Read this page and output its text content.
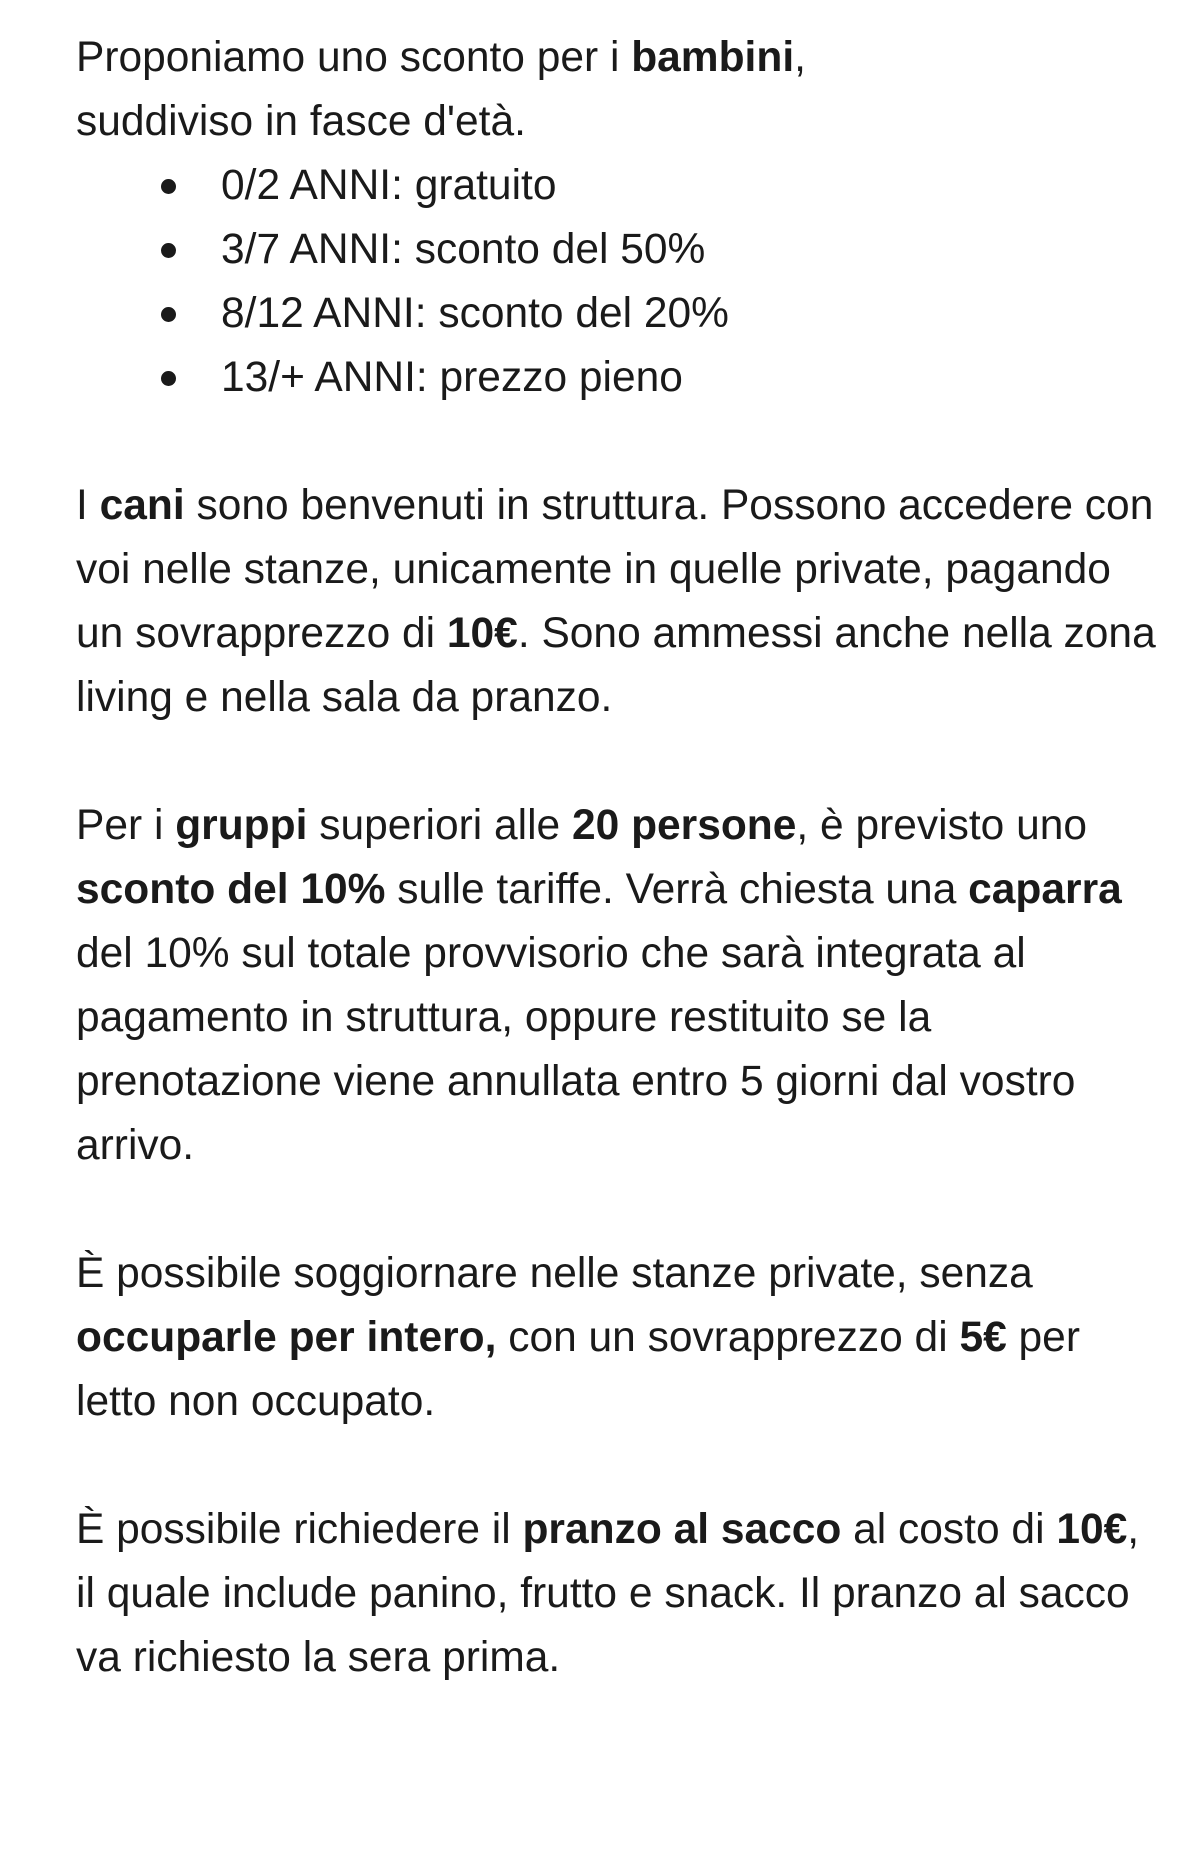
Proponiamo uno sconto per i bambini,
suddiviso in fasce d'età.

0/2 ANNI: gratuito
3/7 ANNI: sconto del 50%
8/12 ANNI: sconto del 20%
13/+ ANNI: prezzo pieno

I cani sono benvenuti in struttura. Possono accedere con voi nelle stanze, unicamente in quelle private, pagando un sovrapprezzo di 10€. Sono ammessi anche nella zona living e nella sala da pranzo.

Per i gruppi superiori alle 20 persone, è previsto uno sconto del 10% sulle tariffe. Verrà chiesta una caparra del 10% sul totale provvisorio che sarà integrata al pagamento in struttura, oppure restituito se la prenotazione viene annullata entro 5 giorni dal vostro arrivo.

È possibile soggiornare nelle stanze private, senza occuparle per intero, con un sovrapprezzo di 5€ per letto non occupato.

È possibile richiedere il pranzo al sacco al costo di 10€, il quale include panino, frutto e snack. Il pranzo al sacco va richiesto la sera prima.
